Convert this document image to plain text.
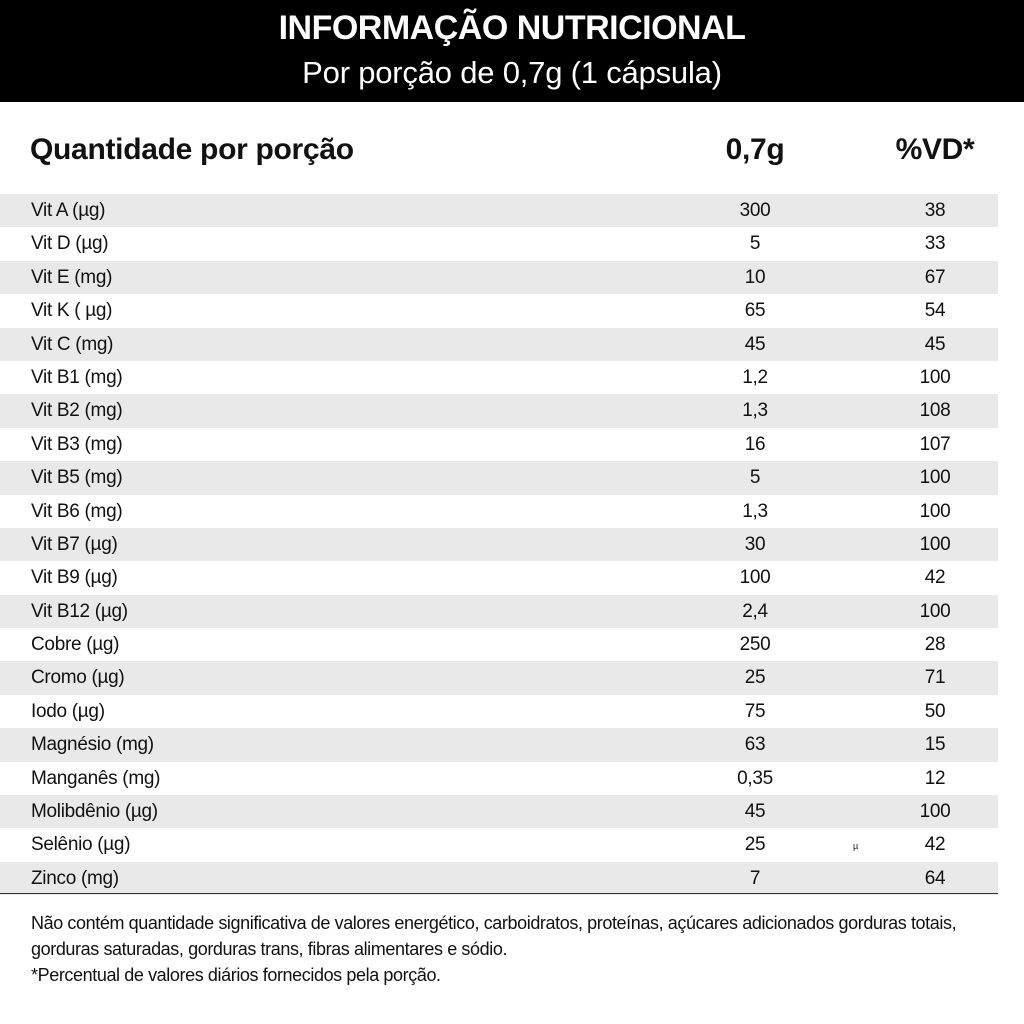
INFORMAÇÃO NUTRICIONAL
Por porção de 0,7g (1 cápsula)
Quantidade por porção	0,7g	%VD*
Vit A (µg)	300	38
Vit D (µg)	5	33
Vit E (mg)	10	67
Vit K ( µg)	65	54
Vit C (mg)	45	45
Vit B1 (mg)	1,2	100
Vit B2 (mg)	1,3	108
Vit B3 (mg)	16	107
Vit B5 (mg)	5	100
Vit B6 (mg)	1,3	100
Vit B7 (µg)	30	100
Vit B9 (µg)	100	42
Vit B12 (µg)	2,4	100
Cobre (µg)	250	28
Cromo (µg)	25	71
Iodo (µg)	75	50
Magnésio (mg)	63	15
Manganês (mg)	0,35	12
Molibdênio (µg)	45	100
Selênio (µg)	25	42
µ
Zinco (mg)	7	64

Não contém quantidade significativa de valores energético, carboidratos, proteínas, açúcares adicionados gorduras totais, gorduras saturadas, gorduras trans, fibras alimentares e sódio.

*Percentual de valores diários fornecidos pela porção.
